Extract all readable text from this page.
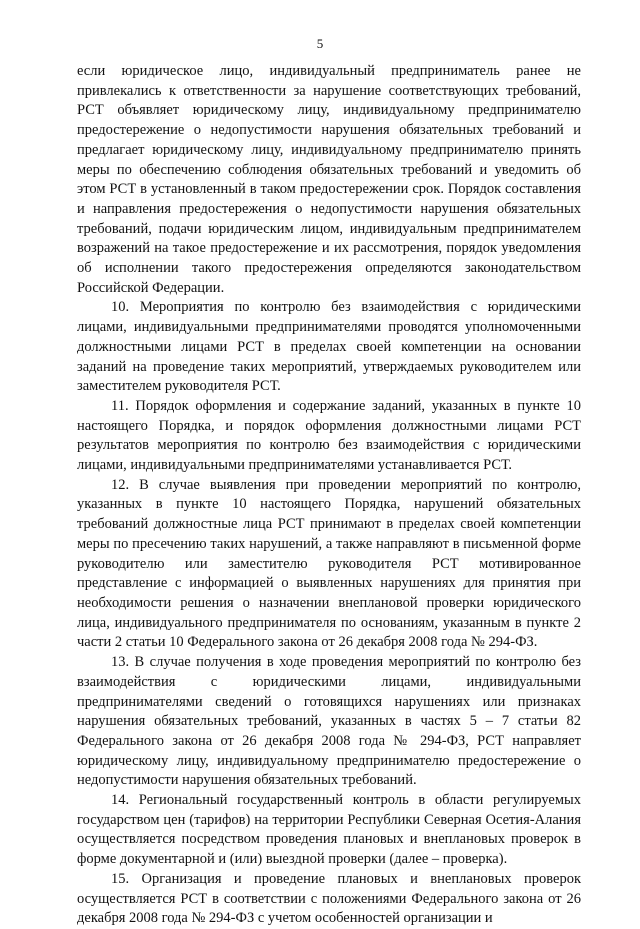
5

если юридическое лицо, индивидуальный предприниматель ранее не привлекались к ответственности за нарушение соответствующих требований, РСТ объявляет юридическому лицу, индивидуальному предпринимателю предостережение о недопустимости нарушения обязательных требований и предлагает юридическому лицу, индивидуальному предпринимателю принять меры по обеспечению соблюдения обязательных требований и уведомить об этом РСТ в установленный в таком предостережении срок. Порядок составления и направления предостережения о недопустимости нарушения обязательных требований, подачи юридическим лицом, индивидуальным предпринимателем возражений на такое предостережение и их рассмотрения, порядок уведомления об исполнении такого предостережения определяются законодательством Российской Федерации.

10. Мероприятия по контролю без взаимодействия с юридическими лицами, индивидуальными предпринимателями проводятся уполномоченными должностными лицами РСТ в пределах своей компетенции на основании заданий на проведение таких мероприятий, утверждаемых руководителем или заместителем руководителя РСТ.

11. Порядок оформления и содержание заданий, указанных в пункте 10 настоящего Порядка, и порядок оформления должностными лицами РСТ результатов мероприятия по контролю без взаимодействия с юридическими лицами, индивидуальными предпринимателями устанавливается РСТ.

12. В случае выявления при проведении мероприятий по контролю, указанных в пункте 10 настоящего Порядка, нарушений обязательных требований должностные лица РСТ принимают в пределах своей компетенции меры по пресечению таких нарушений, а также направляют в письменной форме руководителю или заместителю руководителя РСТ мотивированное представление с информацией о выявленных нарушениях для принятия при необходимости решения о назначении внеплановой проверки юридического лица, индивидуального предпринимателя по основаниям, указанным в пункте 2 части 2 статьи 10 Федерального закона от 26 декабря 2008 года № 294-ФЗ.

13. В случае получения в ходе проведения мероприятий по контролю без взаимодействия с юридическими лицами, индивидуальными предпринимателями сведений о готовящихся нарушениях или признаках нарушения обязательных требований, указанных в частях 5 – 7 статьи 82 Федерального закона от 26 декабря 2008 года № 294-ФЗ, РСТ направляет юридическому лицу, индивидуальному предпринимателю предостережение о недопустимости нарушения обязательных требований.

14. Региональный государственный контроль в области регулируемых государством цен (тарифов) на территории Республики Северная Осетия-Алания осуществляется посредством проведения плановых и внеплановых проверок в форме документарной и (или) выездной проверки (далее – проверка).

15. Организация и проведение плановых и внеплановых проверок осуществляется РСТ в соответствии с положениями Федерального закона от 26 декабря 2008 года № 294-ФЗ с учетом особенностей организации и
